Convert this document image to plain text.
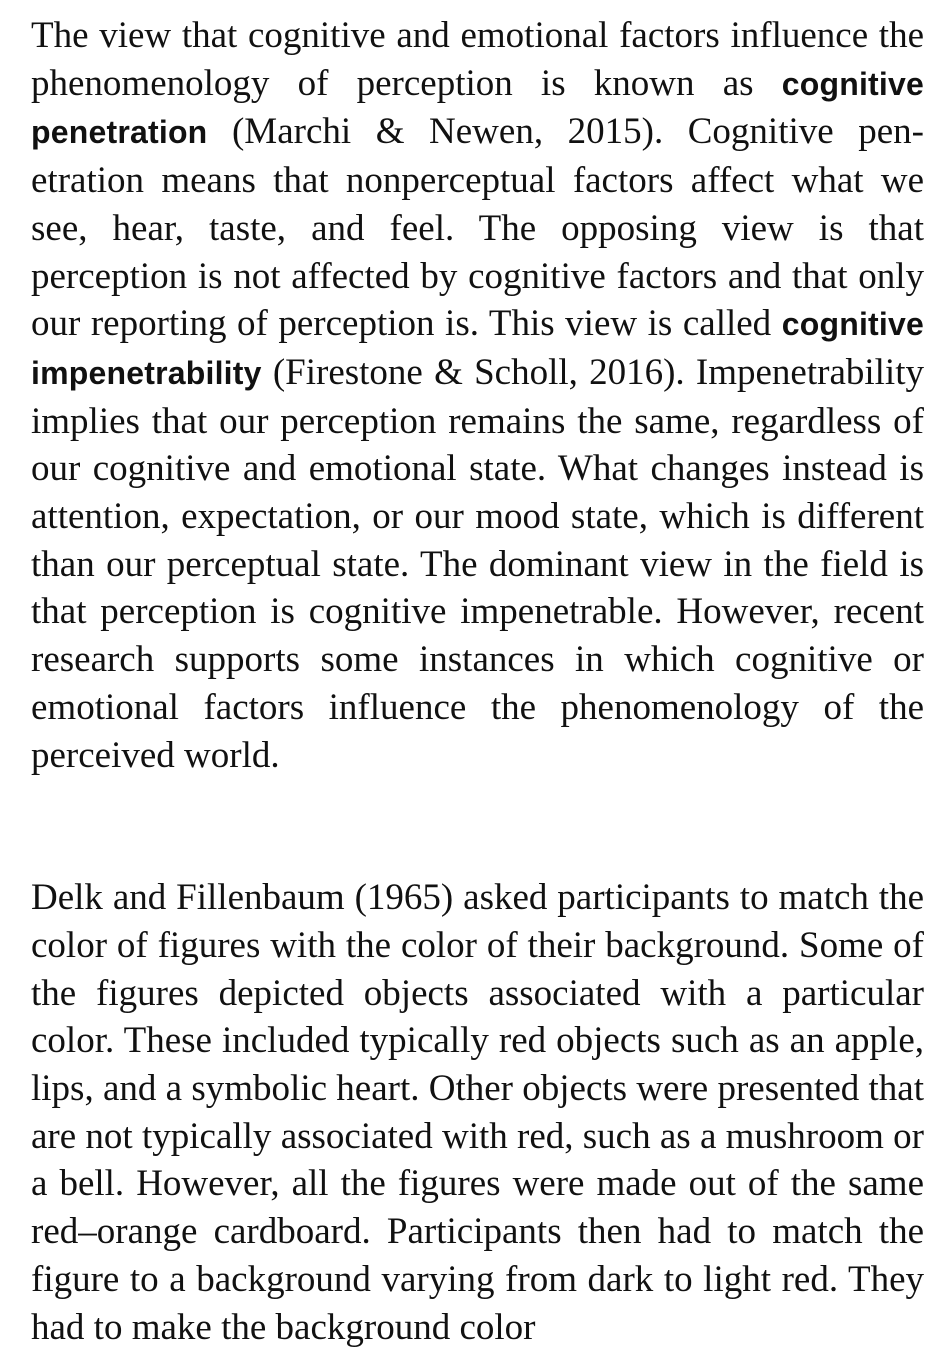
The view that cognitive and emotional factors influence the phenomenology of perception is known as cognitive penetration (Marchi & Newen, 2015). Cognitive penetration means that nonperceptual factors affect what we see, hear, taste, and feel. The opposing view is that perception is not affected by cognitive factors and that only our reporting of perception is. This view is called cognitive impenetrability (Firestone & Scholl, 2016). Impenetrability implies that our perception remains the same, regardless of our cognitive and emotional state. What changes instead is attention, expectation, or our mood state, which is different than our perceptual state. The dominant view in the field is that perception is cognitive impenetrable. However, recent research supports some instances in which cognitive or emotional factors influence the phenomenology of the perceived world.

Delk and Fillenbaum (1965) asked participants to match the color of figures with the color of their background. Some of the figures depicted objects associated with a particular color. These included typically red objects such as an apple, lips, and a symbolic heart. Other objects were presented that are not typically associated with red, such as a mushroom or a bell. However, all the figures were made out of the same red–orange cardboard. Participants then had to match the figure to a background varying from dark to light red. They had to make the background color
